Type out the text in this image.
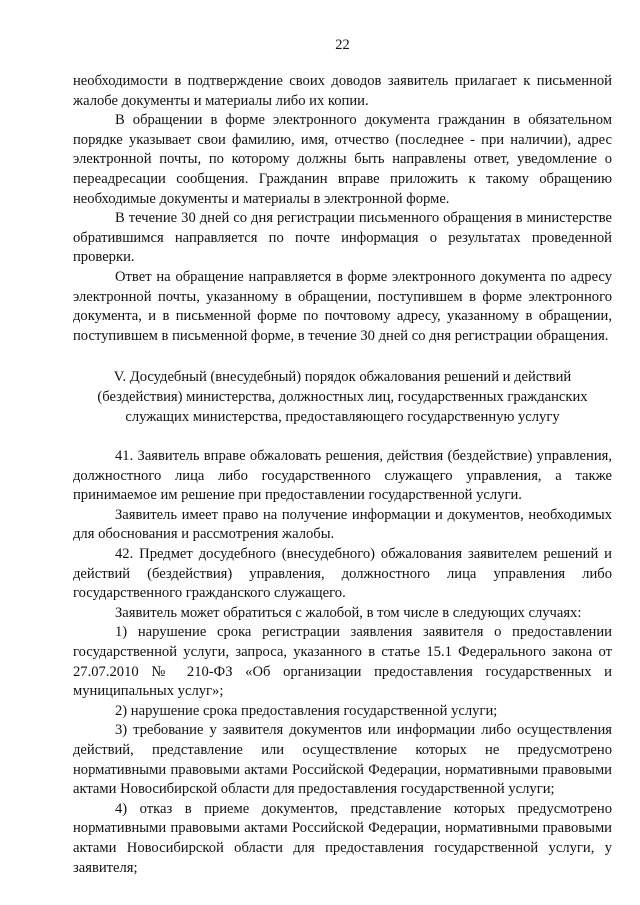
22

необходимости в подтверждение своих доводов заявитель прилагает к письменной жалобе документы и материалы либо их копии.

В обращении в форме электронного документа гражданин в обязательном порядке указывает свои фамилию, имя, отчество (последнее - при наличии), адрес электронной почты, по которому должны быть направлены ответ, уведомление о переадресации сообщения. Гражданин вправе приложить к такому обращению необходимые документы и материалы в электронной форме.

В течение 30 дней со дня регистрации письменного обращения в министерстве обратившимся направляется по почте информация о результатах проведенной проверки.

Ответ на обращение направляется в форме электронного документа по адресу электронной почты, указанному в обращении, поступившем в форме электронного документа, и в письменной форме по почтовому адресу, указанному в обращении, поступившем в письменной форме, в течение 30 дней со дня регистрации обращения.

V. Досудебный (внесудебный) порядок обжалования решений и действий (бездействия) министерства, должностных лиц, государственных гражданских служащих министерства, предоставляющего государственную услугу

41. Заявитель вправе обжаловать решения, действия (бездействие) управления, должностного лица либо государственного служащего управления, а также принимаемое им решение при предоставлении государственной услуги.

Заявитель имеет право на получение информации и документов, необходимых для обоснования и рассмотрения жалобы.

42. Предмет досудебного (внесудебного) обжалования заявителем решений и действий (бездействия) управления, должностного лица управления либо государственного гражданского служащего.

Заявитель может обратиться с жалобой, в том числе в следующих случаях:

1) нарушение срока регистрации заявления заявителя о предоставлении государственной услуги, запроса, указанного в статье 15.1 Федерального закона от 27.07.2010 № 210-ФЗ «Об организации предоставления государственных и муниципальных услуг»;

2) нарушение срока предоставления государственной услуги;

3) требование у заявителя документов или информации либо осуществления действий, представление или осуществление которых не предусмотрено нормативными правовыми актами Российской Федерации, нормативными правовыми актами Новосибирской области для предоставления государственной услуги;

4) отказ в приеме документов, представление которых предусмотрено нормативными правовыми актами Российской Федерации, нормативными правовыми актами Новосибирской области для предоставления государственной услуги, у заявителя;
